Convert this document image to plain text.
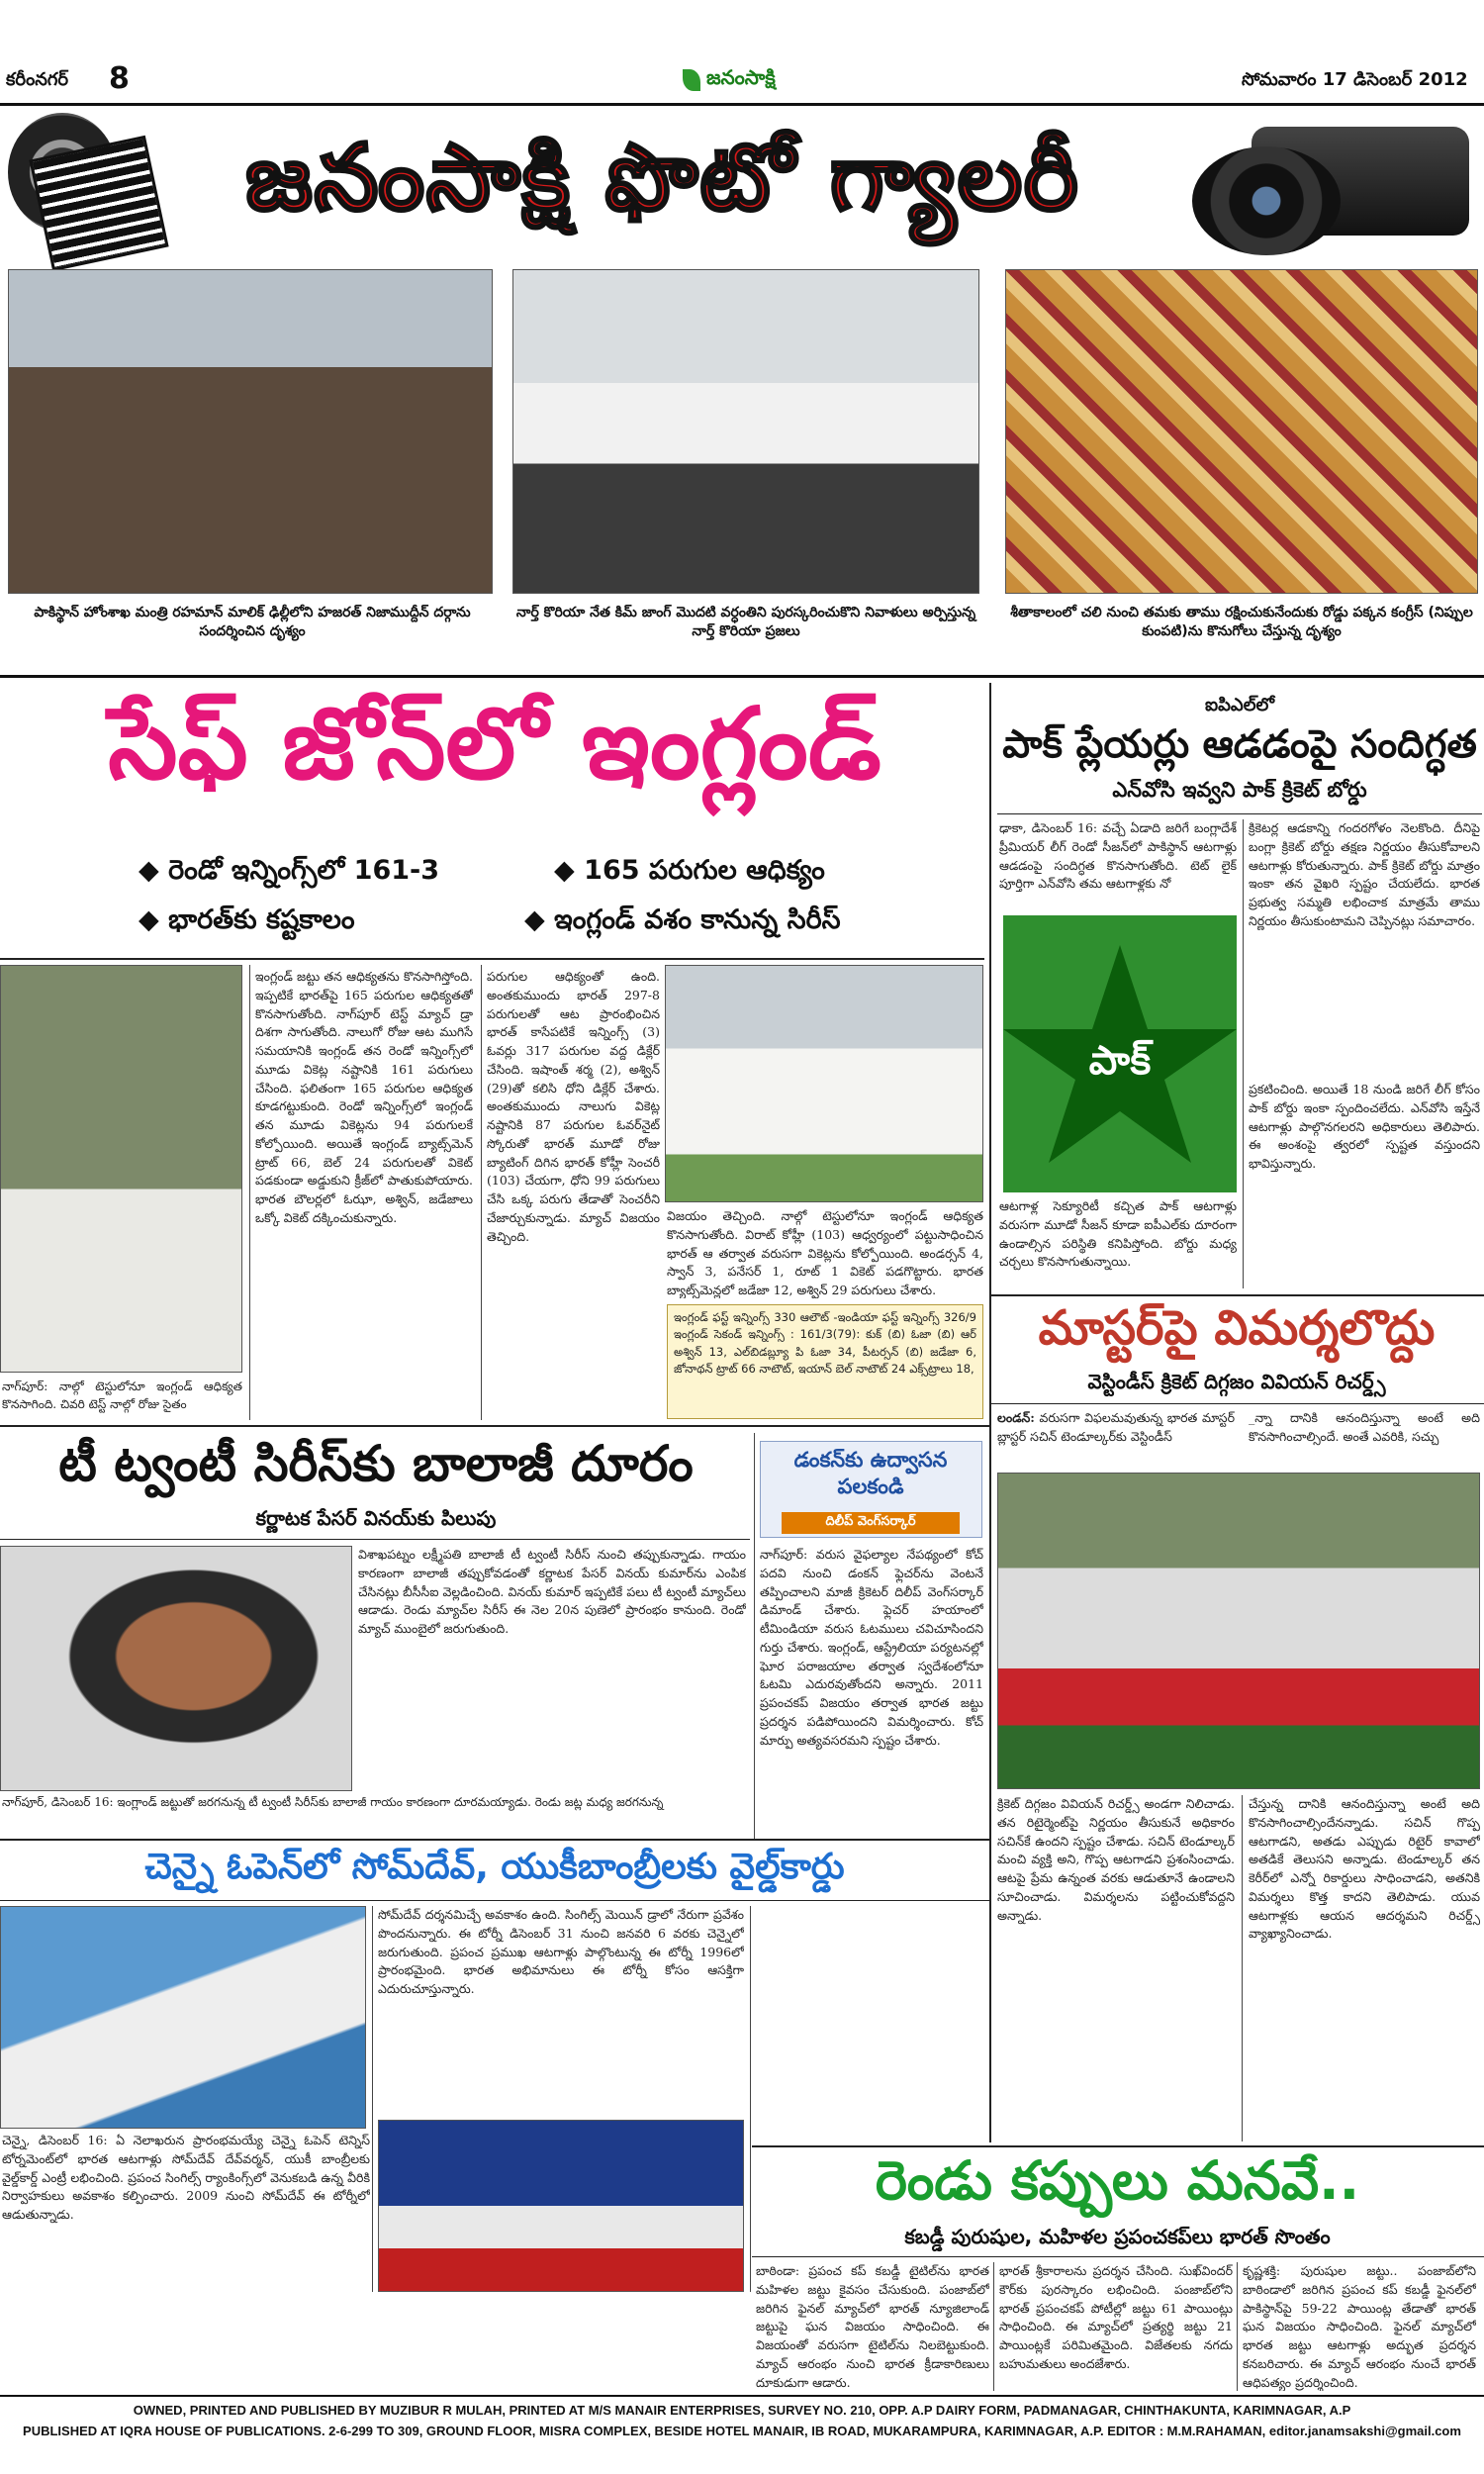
కరీంనగర్ 8	జనంసాక్షి	సోమవారం 17 డిసెంబర్ 2012
జనంసాక్షి ఫొటో గ్యాలరీ
పాకిస్థాన్ హోంశాఖ మంత్రి రహమాన్ మాలిక్ ఢిల్లీలోని హజరత్ నిజాముద్దీన్ దర్గాను సందర్శించిన దృశ్యం
నార్త్ కొరియా నేత కిమ్ జాంగ్ మొదటి వర్ధంతిని పురస్కరించుకొని నివాళులు అర్పిస్తున్న నార్త్ కొరియా ప్రజలు
శీతాకాలంలో చలి నుంచి తమకు తాము రక్షించుకునేందుకు రోడ్డు పక్కన కంగ్రీస్ (నిప్పుల కుంపటి)ను కొనుగోలు చేస్తున్న దృశ్యం
సేఫ్ జోన్‌లో ఇంగ్లండ్
◆ రెండో ఇన్నింగ్స్‌లో 161-3	◆ 165 పరుగుల ఆధిక్యం
◆ భారత్‌కు కష్టకాలం	◆ ఇంగ్లండ్ వశం కానున్న సిరీస్
నాగ్‌పూర్: నాల్గో టెస్టులోనూ ఇంగ్లండ్ ఆధిక్యత కొనసాగింది. చివరి టెస్ట్ నాల్గో రోజు సైతం
ఇంగ్లండ్ జట్టు తన ఆధిక్యతను కొనసాగిస్తోంది. ఇప్పటికే భారత్‌పై 165 పరుగుల ఆధిక్యతతో కొనసాగుతోంది. నాగ్‌పూర్ టెస్ట్ మ్యాచ్ డ్రా దిశగా సాగుతోంది. నాలుగో రోజు ఆట ముగిసే సమయానికి ఇంగ్లండ్ తన రెండో ఇన్నింగ్స్‌లో మూడు వికెట్ల నష్టానికి 161 పరుగులు చేసింది. ఫలితంగా 165 పరుగుల ఆధిక్యత కూడగట్టుకుంది. రెండో ఇన్నింగ్స్‌లో ఇంగ్లండ్ తన మూడు వికెట్లను 94 పరుగులకే కోల్పోయింది. అయితే ఇంగ్లండ్ బ్యాట్స్‌మెన్ ట్రాట్ 66, బెల్ 24 పరుగులతో వికెట్ పడకుండా అడ్డుకుని క్రీజ్‌లో పాతుకుపోయారు. భారత బౌలర్లలో ఓఝా, అశ్విన్, జడేజాలు ఒక్కో వికెట్ దక్కించుకున్నారు.
పరుగుల ఆధిక్యంతో ఉంది. అంతకుముందు భారత్ 297-8 పరుగులతో ఆట ప్రారంభించిన భారత్ కాసేపటికే ఇన్నింగ్స్ (3) ఓవర్లు 317 పరుగుల వద్ద డిక్లేర్ చేసింది. ఇషాంత్ శర్మ (2), అశ్విన్ (29)తో కలిసి ధోని డిక్లేర్ చేశారు. అంతకుముందు నాలుగు వికెట్ల నష్టానికి 87 పరుగుల ఓవర్‌నైట్ స్కోరుతో భారత్ మూడో రోజు బ్యాటింగ్ దిగిన భారత్ కోహ్లీ సెంచరీ (103) చేయగా, ధోని 99 పరుగులు చేసి ఒక్క పరుగు తేడాతో సెంచరీని చేజార్చుకున్నాడు. మ్యాచ్ విజయం తెచ్చింది.
విజయం తెచ్చింది. నాల్గో టెస్టులోనూ ఇంగ్లండ్ ఆధిక్యత కొనసాగుతోంది. విరాట్ కోహ్లీ (103) ఆధ్వర్యంలో పట్టుసాధించిన భారత్ ఆ తర్వాత వరుసగా వికెట్లను కోల్పోయింది. అండర్సన్ 4, స్వాన్ 3, పనేసర్ 1, రూట్ 1 వికెట్ పడగొట్టారు. భారత బ్యాట్స్‌మెన్లలో జడేజా 12, అశ్విన్ 29 పరుగులు చేశారు.
ఇంగ్లండ్ ఫస్ట్ ఇన్నింగ్స్ 330 ఆలౌట్ -ఇండియా ఫస్ట్ ఇన్నింగ్స్ 326/9 ఇంగ్లండ్ సెకండ్ ఇన్నింగ్స్ : 161/3(79): కుక్ (బి) ఓజా (బి) ఆర్ అశ్విన్ 13, ఎల్‌బిడబ్ల్యూ పి ఓజా 34, పీటర్సన్ (బి) జడేజా 6, జోనాథన్ ట్రాట్ 66 నాటౌట్, ఇయాన్ బెల్ నాటౌట్ 24 ఎక్స్‌ట్రాలు 18,
ఐపిఎల్‌లో
పాక్ ప్లేయర్లు ఆడడంపై సందిగ్ధత
ఎన్‌వోసి ఇవ్వని పాక్ క్రికెట్ బోర్డు
ఢాకా, డిసెంబర్ 16: వచ్చే ఏడాది జరిగే బంగ్లాదేశ్ ప్రీమియర్ లీగ్ రెండో సీజన్‌లో పాకిస్థాన్ ఆటగాళ్లు ఆడడంపై సందిగ్ధత కొనసాగుతోంది. టెట్ లైక్ పూర్తిగా ఎన్‌వోసి తమ ఆటగాళ్లకు నో
పాక్
ఆటగాళ్ల సెక్యూరిటీ కచ్చిత పాక్ ఆటగాళ్లు వరుసగా మూడో సీజన్ కూడా ఐపీఎల్‌కు దూరంగా ఉండాల్సిన పరిస్థితి కనిపిస్తోంది. బోర్డు మధ్య చర్చలు కొనసాగుతున్నాయి.
క్రికెటర్ల ఆడకాన్ని గందరగోళం నెలకొంది. దీనిపై బంగ్లా క్రికెట్ బోర్డు తక్షణ నిర్ణయం తీసుకోవాలని ఆటగాళ్లు కోరుతున్నారు. పాక్ క్రికెట్ బోర్డు మాత్రం ఇంకా తన వైఖరి స్పష్టం చేయలేదు. భారత ప్రభుత్వ సమ్మతి లభించాక మాత్రమే తాము నిర్ణయం తీసుకుంటామని చెప్పినట్లు సమాచారం.
ప్రకటించింది. అయితే 18 నుండి జరిగే లీగ్ కోసం పాక్ బోర్డు ఇంకా స్పందించలేదు. ఎన్‌వోసి ఇస్తేనే ఆటగాళ్లు పాల్గొనగలరని అధికారులు తెలిపారు. ఈ అంశంపై త్వరలో స్పష్టత వస్తుందని భావిస్తున్నారు.
మాస్టర్‌పై విమర్శలొద్దు
వెస్టిండీస్ క్రికెట్ దిగ్గజం వివియన్ రిచర్డ్స్
టీ ట్వంటీ సిరీస్‌కు బాలాజీ దూరం
కర్ణాటక పేసర్ వినయ్‌కు పిలుపు
నాగ్‌పూర్, డిసెంబర్ 16: ఇంగ్లాండ్ జట్టుతో జరగనున్న టీ ట్వంటీ సిరీస్‌కు బాలాజీ గాయం కారణంగా దూరమయ్యాడు. రెండు జట్ల మధ్య జరగనున్న
విశాఖపట్నం లక్ష్మీపతి బాలాజీ టీ ట్వంటీ సిరీస్ నుంచి తప్పుకున్నాడు. గాయం కారణంగా బాలాజీ తప్పుకోవడంతో కర్ణాటక పేసర్ వినయ్ కుమార్‌ను ఎంపిక చేసినట్లు బీసీసీఐ వెల్లడించింది. వినయ్ కుమార్ ఇప్పటికే పలు టీ ట్వంటీ మ్యాచ్‌లు ఆడాడు. రెండు మ్యాచ్‌ల సిరీస్ ఈ నెల 20న పుణెలో ప్రారంభం కానుంది. రెండో మ్యాచ్ ముంబైలో జరుగుతుంది.
డంకన్‌కు ఉద్వాసన పలకండి
దిలీప్ వెంగ్‌సర్కార్
నాగ్‌పూర్: వరుస వైఫల్యాల నేపథ్యంలో కోచ్ పదవి నుంచి డంకన్ ఫ్లెచర్‌ను వెంటనే తప్పించాలని మాజీ క్రికెటర్ దిలీప్ వెంగ్‌సర్కార్ డిమాండ్ చేశారు. ఫ్లెచర్ హయాంలో టీమిండియా వరుస ఓటములు చవిచూసిందని గుర్తు చేశారు. ఇంగ్లండ్, ఆస్ట్రేలియా పర్యటనల్లో ఘోర పరాజయాల తర్వాత స్వదేశంలోనూ ఓటమి ఎదురవుతోందని అన్నారు. 2011 ప్రపంచకప్ విజయం తర్వాత భారత జట్టు ప్రదర్శన పడిపోయిందని విమర్శించారు. కోచ్ మార్పు అత్యవసరమని స్పష్టం చేశారు.
లండన్: వరుసగా విఫలమవుతున్న భారత మాస్టర్ బ్లాస్టర్ సచిన్ టెండూల్కర్‌కు వెస్టిండీస్
_న్నా దానికి ఆనందిస్తున్నా అంటే అది కొనసాగించాల్సిందే. అంతే ఎవరికి, సచ్చు
క్రికెట్ దిగ్గజం వివియన్ రిచర్డ్స్ అండగా నిలిచాడు. తన రిటైర్మెంట్‌పై నిర్ణయం తీసుకునే అధికారం సచిన్‌కే ఉందని స్పష్టం చేశాడు. సచిన్ టెండూల్కర్ మంచి వ్యక్తి అని, గొప్ప ఆటగాడని ప్రశంసించాడు. ఆటపై ప్రేమ ఉన్నంత వరకు ఆడుతూనే ఉండాలని సూచించాడు. విమర్శలను పట్టించుకోవద్దని అన్నాడు.
చేస్తున్న దానికి ఆనందిస్తున్నా అంటే అది కొనసాగించాల్సిందేనన్నాడు. సచిన్ గొప్ప ఆటగాడని, అతడు ఎప్పుడు రిటైర్ కావాలో అతడికే తెలుసని అన్నాడు. టెండూల్కర్ తన కెరీర్‌లో ఎన్నో రికార్డులు సాధించాడని, అతనికి విమర్శలు కొత్త కాదని తెలిపాడు. యువ ఆటగాళ్లకు ఆయన ఆదర్శమని రిచర్డ్స్ వ్యాఖ్యానించాడు.
చెన్నై ఓపెన్‌లో సోమ్‌దేవ్, యుకీబాంబ్రీలకు వైల్డ్‌కార్డు
చెన్నై, డిసెంబర్ 16: ఏ నెలాఖరున ప్రారంభమయ్యే చెన్నై ఓపెన్ టెన్నిస్ టోర్నమెంట్‌లో భారత ఆటగాళ్లు సోమ్‌దేవ్ దేవ్‌వర్మన్, యుకీ బాంబ్రీలకు వైల్డ్‌కార్డ్ ఎంట్రీ లభించింది. ప్రపంచ సింగిల్స్ ర్యాంకింగ్స్‌లో వెనుకబడి ఉన్న వీరికి నిర్వాహకులు అవకాశం కల్పించారు. 2009 నుంచి సోమ్‌దేవ్ ఈ టోర్నీలో ఆడుతున్నాడు.
సోమ్‌దేవ్ దర్శనమిచ్చే అవకాశం ఉంది. సింగిల్స్ మెయిన్ డ్రాలో నేరుగా ప్రవేశం పొందనున్నారు. ఈ టోర్నీ డిసెంబర్ 31 నుంచి జనవరి 6 వరకు చెన్నైలో జరుగుతుంది. ప్రపంచ ప్రముఖ ఆటగాళ్లు పాల్గొంటున్న ఈ టోర్నీ 1996లో ప్రారంభమైంది. భారత అభిమానులు ఈ టోర్నీ కోసం ఆసక్తిగా ఎదురుచూస్తున్నారు.
రెండు కప్పులు మనవే..
కబడ్డీ పురుషుల, మహిళల ప్రపంచకప్‌లు భారత్ సొంతం
OWNED, PRINTED AND PUBLISHED BY MUZIBUR R MULAH, PRINTED AT M/S MANAIR ENTERPRISES, SURVEY NO. 210, OPP. A.P DAIRY FORM, PADMANAGAR, CHINTHAKUNTA, KARIMNAGAR, A.P
PUBLISHED AT IQRA HOUSE OF PUBLICATIONS. 2-6-299 TO 309, GROUND FLOOR, MISRA COMPLEX, BESIDE HOTEL MANAIR, IB ROAD, MUKARAMPURA, KARIMNAGAR, A.P. EDITOR : M.M.RAHAMAN, editor.janamsakshi@gmail.com
బాఠిండా: ప్రపంచ కప్ కబడ్డీ టైటిల్‌ను భారత మహిళల జట్టు కైవసం చేసుకుంది. పంజాబ్‌లో జరిగిన ఫైనల్ మ్యాచ్‌లో భారత్ న్యూజిలాండ్ జట్టుపై ఘన విజయం సాధించింది. ఈ విజయంతో వరుసగా టైటిల్‌ను నిలబెట్టుకుంది. మ్యాచ్ ఆరంభం నుంచి భారత క్రీడాకారిణులు దూకుడుగా ఆడారు.
భారత్ శ్రీకారాలను ప్రదర్శన చేసింది. సుఖ్‌విందర్ కౌర్‌కు పురస్కారం లభించింది. పంజాబ్‌లోని భారత్ ప్రపంచకప్ పోటీల్లో జట్టు 61 పాయింట్లు సాధించింది. ఈ మ్యాచ్‌లో ప్రత్యర్థి జట్టు 21 పాయింట్లకే పరిమితమైంది. విజేతలకు నగదు బహుమతులు అందజేశారు.
కృష్ణశక్తి: పురుషుల జట్టు.. పంజాబ్‌లోని బాఠిండాలో జరిగిన ప్రపంచ కప్ కబడ్డీ ఫైనల్‌లో పాకిస్థాన్‌పై 59-22 పాయింట్ల తేడాతో భారత్ ఘన విజయం సాధించింది. ఫైనల్ మ్యాచ్‌లో భారత జట్టు ఆటగాళ్లు అద్భుత ప్రదర్శన కనబరిచారు. ఈ మ్యాచ్ ఆరంభం నుంచే భారత్ ఆధిపత్యం ప్రదర్శించింది.
